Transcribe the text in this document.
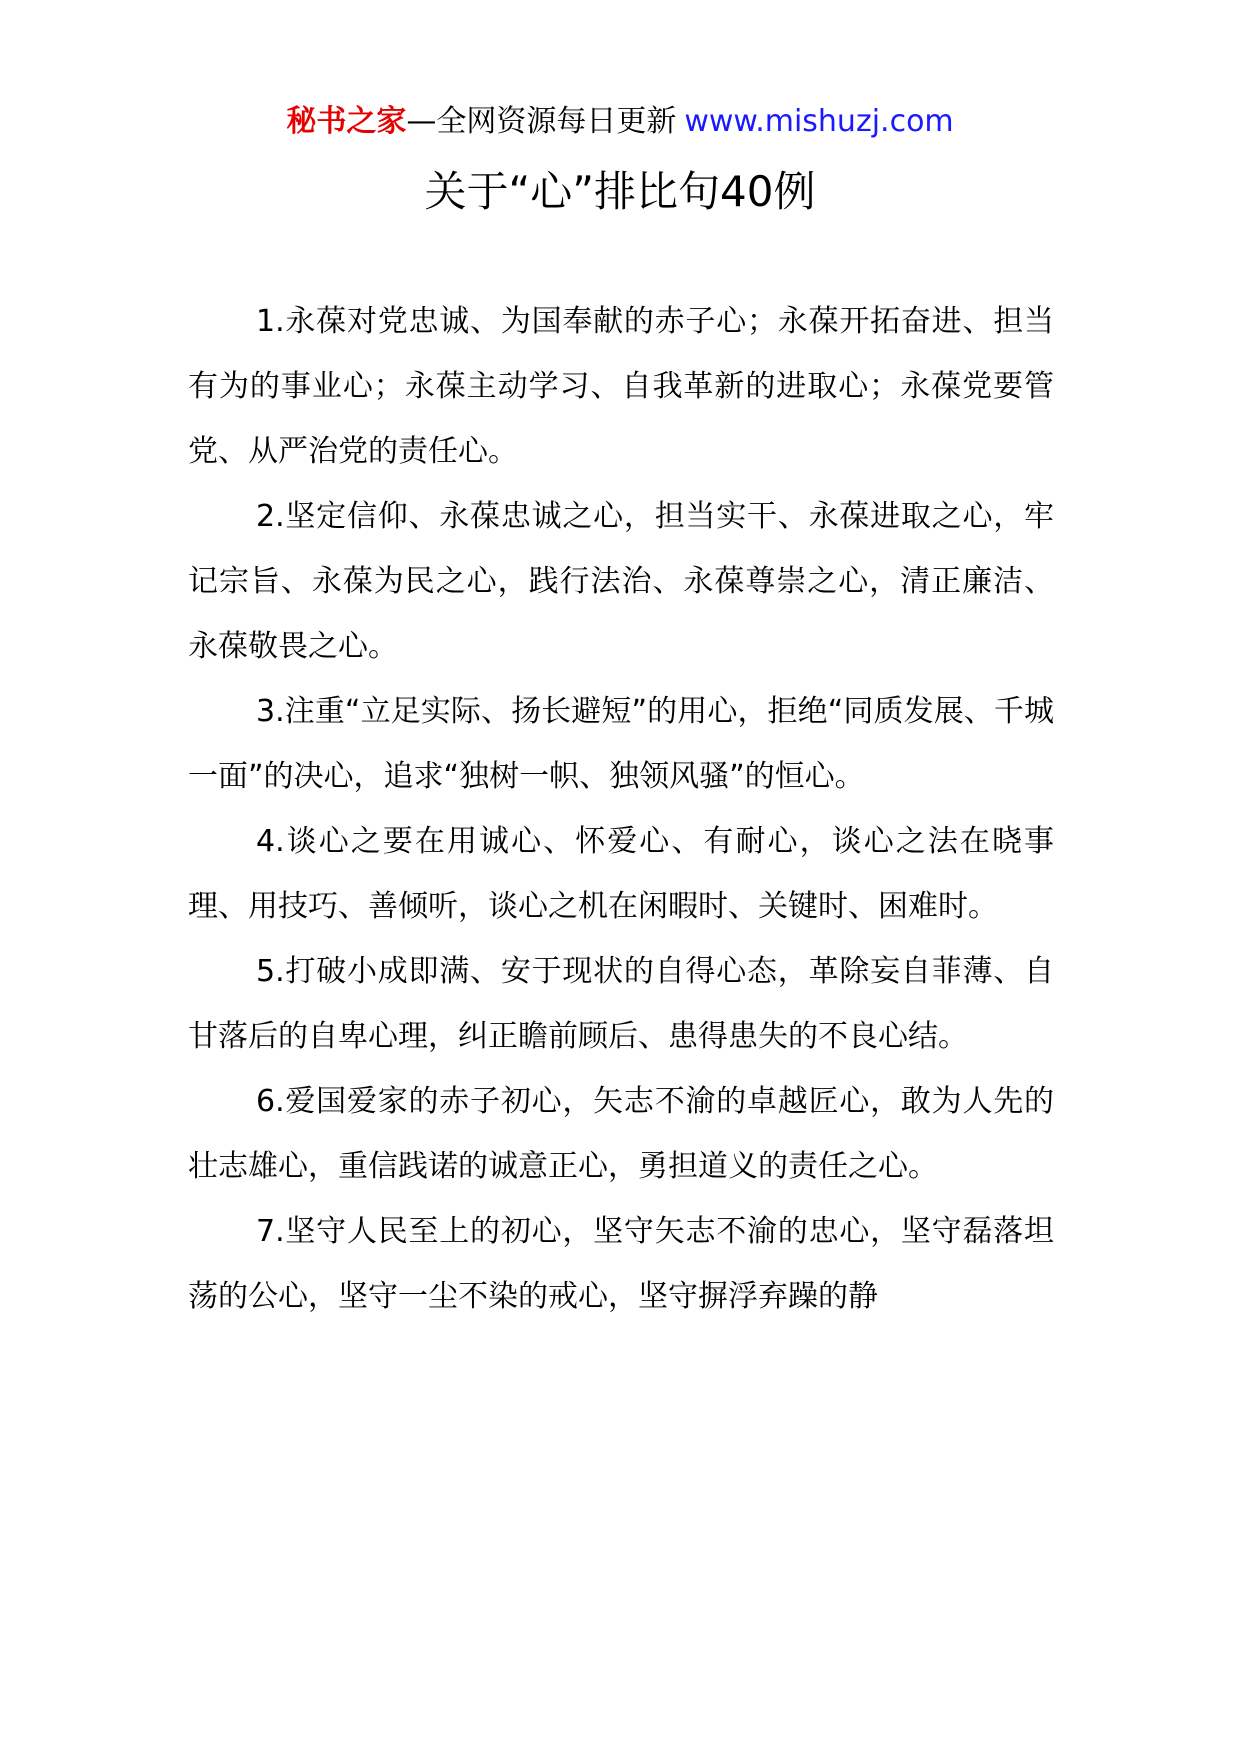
秘书之家—全网资源每日更新 www.mishuzj.com
关于“心”排比句40例

1.永葆对党忠诚、为国奉献的赤子心；永葆开拓奋进、担当有为的事业心；永葆主动学习、自我革新的进取心；永葆党要管党、从严治党的责任心。

2.坚定信仰、永葆忠诚之心，担当实干、永葆进取之心，牢记宗旨、永葆为民之心，践行法治、永葆尊崇之心，清正廉洁、永葆敬畏之心。

3.注重“立足实际、扬长避短”的用心，拒绝“同质发展、千城一面”的决心，追求“独树一帜、独领风骚”的恒心。

4.谈心之要在用诚心、怀爱心、有耐心，谈心之法在晓事理、用技巧、善倾听，谈心之机在闲暇时、关键时、困难时。

5.打破小成即满、安于现状的自得心态，革除妄自菲薄、自甘落后的自卑心理，纠正瞻前顾后、患得患失的不良心结。

6.爱国爱家的赤子初心，矢志不渝的卓越匠心，敢为人先的壮志雄心，重信践诺的诚意正心，勇担道义的责任之心。

7.坚守人民至上的初心，坚守矢志不渝的忠心，坚守磊落坦荡的公心，坚守一尘不染的戒心，坚守摒浮弃躁的静
